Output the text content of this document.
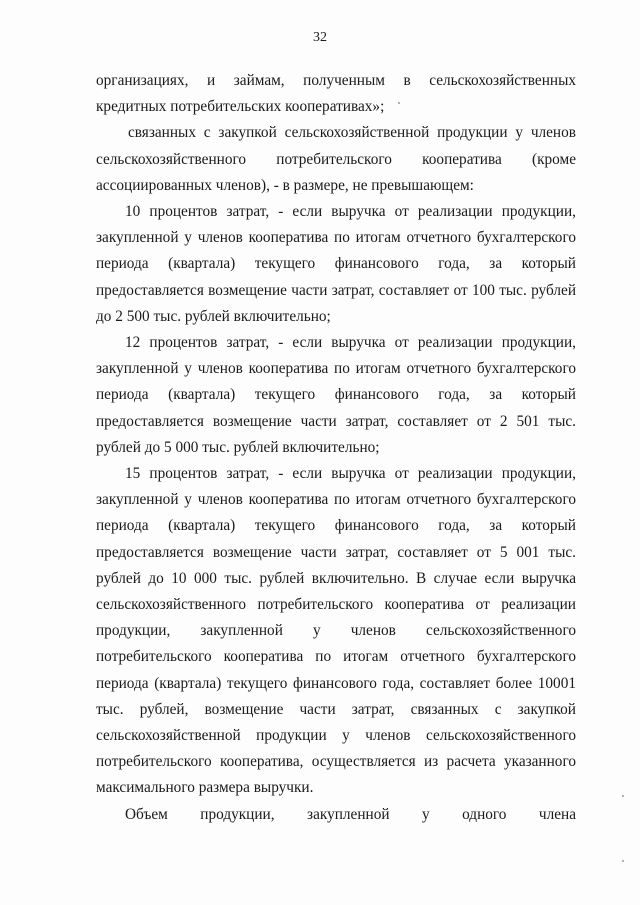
32

организациях, и займам, полученным в сельскохозяйственных кредитных потребительских кооперативах»;

связанных с закупкой сельскохозяйственной продукции у членов сельскохозяйственного потребительского кооператива (кроме ассоциированных членов), - в размере, не превышающем:

10 процентов затрат, - если выручка от реализации продукции, закупленной у членов кооператива по итогам отчетного бухгалтерского периода (квартала) текущего финансового года, за который предоставляется возмещение части затрат, составляет от 100 тыс. рублей до 2 500 тыс. рублей включительно;

12 процентов затрат, - если выручка от реализации продукции, закупленной у членов кооператива по итогам отчетного бухгалтерского периода (квартала) текущего финансового года, за который предоставляется возмещение части затрат, составляет от 2 501 тыс. рублей до 5 000 тыс. рублей включительно;

15 процентов затрат, - если выручка от реализации продукции, закупленной у членов кооператива по итогам отчетного бухгалтерского периода (квартала) текущего финансового года, за который предоставляется возмещение части затрат, составляет от 5 001 тыс. рублей до 10 000 тыс. рублей включительно. В случае если выручка сельскохозяйственного потребительского кооператива от реализации продукции, закупленной у членов сельскохозяйственного потребительского кооператива по итогам отчетного бухгалтерского периода (квартала) текущего финансового года, составляет более 10001 тыс. рублей, возмещение части затрат, связанных с закупкой сельскохозяйственной продукции у членов сельскохозяйственного потребительского кооператива, осуществляется из расчета указанного максимального размера выручки.

Объем продукции, закупленной у одного члена
